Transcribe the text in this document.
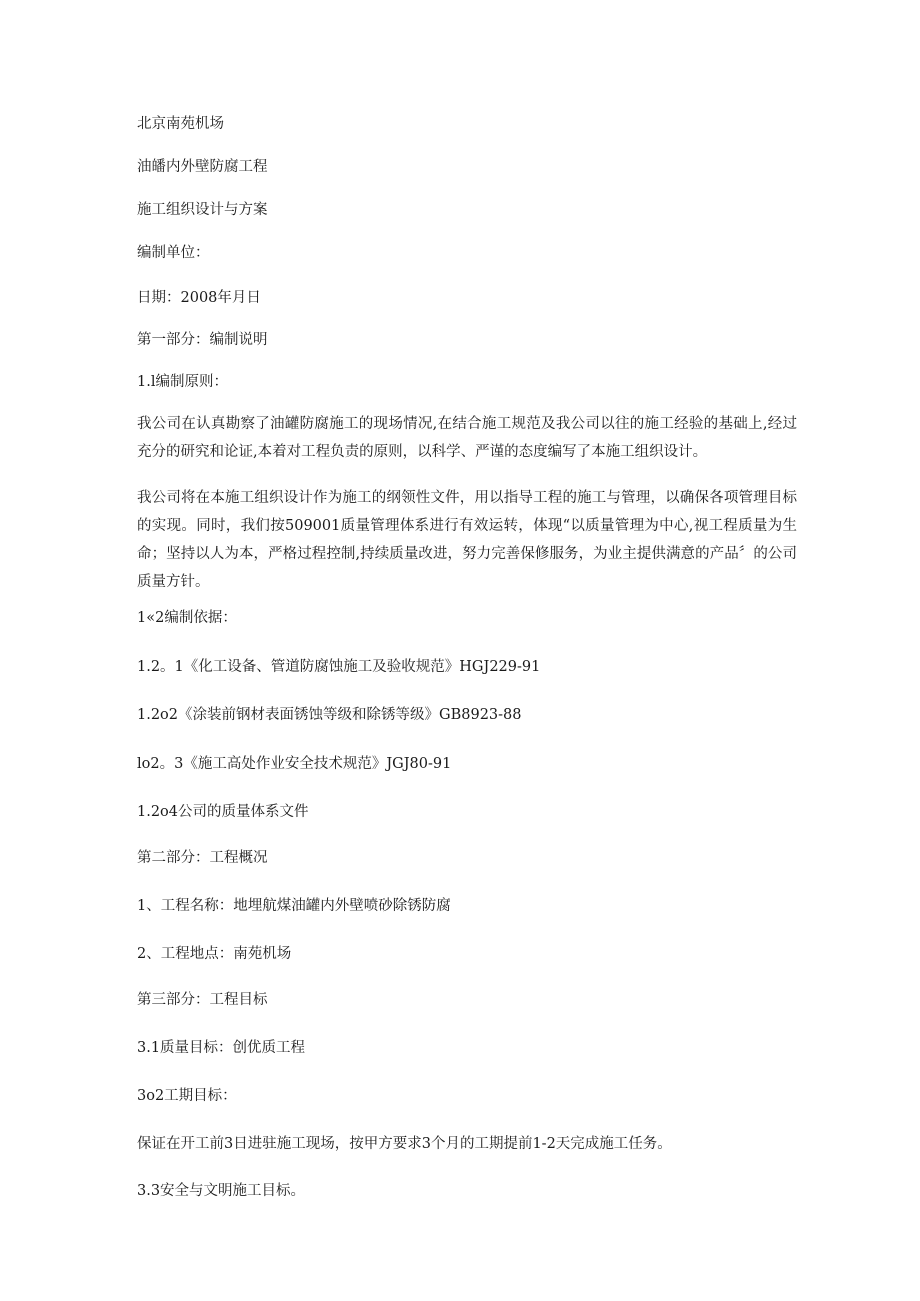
北京南苑机场

油皤内外壁防腐工程

施工组织设计与方案

编制单位：

日期：2008年月日

第一部分：编制说明

1.l编制原则：

我公司在认真勘察了油罐防腐施工的现场情况,在结合施工规范及我公司以往的施工经验的基础上,经过充分的研究和论证,本着对工程负责的原则，以科学、严谨的态度编写了本施工组织设计。

我公司将在本施工组织设计作为施工的纲领性文件，用以指导工程的施工与管理，以确保各项管理目标的实现。同时，我们按509001质量管理体系进行有效运转，体现“以质量管理为中心,视工程质量为生命；坚持以人为本，严格过程控制,持续质量改进，努力完善保修服务，为业主提供满意的产品〞的公司质量方针。

1«2编制依据：

1.2。1《化工设备、管道防腐蚀施工及验收规范》HGJ229-91

1.2o2《涂装前钢材表面锈蚀等级和除锈等级》GB8923-88

lo2。3《施工高处作业安全技术规范》JGJ80-91

1.2o4公司的质量体系文件

第二部分：工程概况

1、工程名称：地埋航煤油罐内外壁喷砂除锈防腐

2、工程地点：南苑机场

第三部分：工程目标

3.1质量目标：创优质工程

3o2工期目标：

保证在开工前3日进驻施工现场，按甲方要求3个月的工期提前1-2天完成施工任务。

3.3安全与文明施工目标。
